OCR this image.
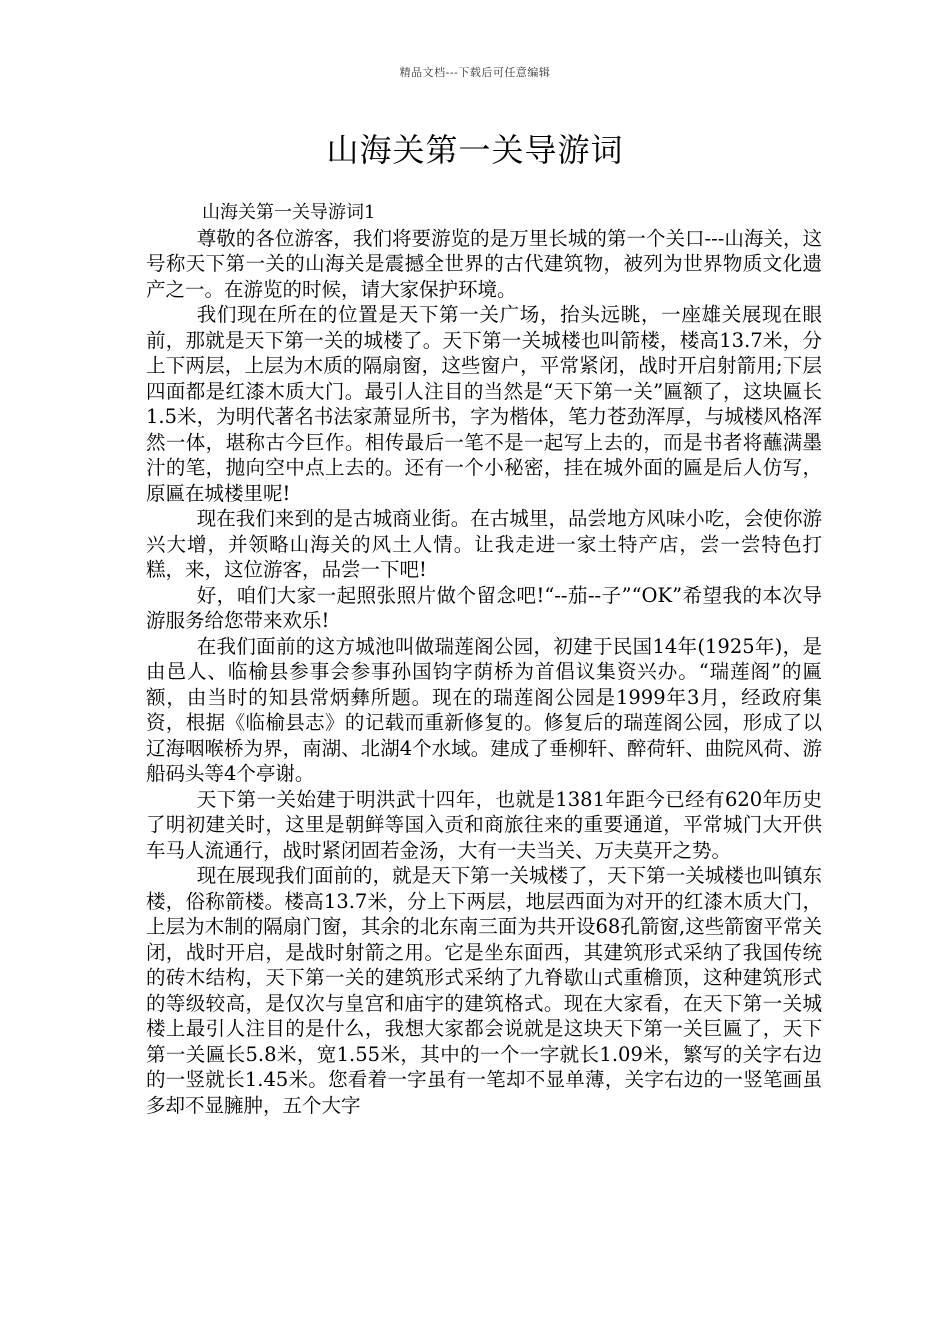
精品文档---下载后可任意编辑
山海关第一关导游词

山海关第一关导游词1

尊敬的各位游客，我们将要游览的是万里长城的第一个关口---山海关，这号称天下第一关的山海关是震撼全世界的古代建筑物，被列为世界物质文化遗产之一。在游览的时候，请大家保护环境。

我们现在所在的位置是天下第一关广场，抬头远眺，一座雄关展现在眼前，那就是天下第一关的城楼了。天下第一关城楼也叫箭楼，楼高13.7米，分上下两层，上层为木质的隔扇窗，这些窗户，平常紧闭，战时开启射箭用;下层四面都是红漆木质大门。最引人注目的当然是“天下第一关”匾额了，这块匾长1.5米，为明代著名书法家萧显所书，字为楷体，笔力苍劲浑厚，与城楼风格浑然一体，堪称古今巨作。相传最后一笔不是一起写上去的，而是书者将蘸满墨汁的笔，抛向空中点上去的。还有一个小秘密，挂在城外面的匾是后人仿写，原匾在城楼里呢!

现在我们来到的是古城商业街。在古城里，品尝地方风味小吃，会使你游兴大增，并领略山海关的风土人情。让我走进一家土特产店，尝一尝特色打糕，来，这位游客，品尝一下吧!

好，咱们大家一起照张照片做个留念吧!“--茄--子”“OK”希望我的本次导游服务给您带来欢乐!

在我们面前的这方城池叫做瑞莲阁公园，初建于民国14年(1925年)，是由邑人、临榆县参事会参事孙国钧字荫桥为首倡议集资兴办。“瑞莲阁”的匾额，由当时的知县常炳彝所题。现在的瑞莲阁公园是1999年3月，经政府集资，根据《临榆县志》的记载而重新修复的。修复后的瑞莲阁公园，形成了以辽海咽喉桥为界，南湖、北湖4个水域。建成了垂柳轩、醉荷轩、曲院风荷、游船码头等4个亭谢。

天下第一关始建于明洪武十四年，也就是1381年距今已经有620年历史了明初建关时，这里是朝鲜等国入贡和商旅往来的重要通道，平常城门大开供车马人流通行，战时紧闭固若金汤，大有一夫当关、万夫莫开之势。

现在展现我们面前的，就是天下第一关城楼了，天下第一关城楼也叫镇东楼，俗称箭楼。楼高13.7米，分上下两层，地层西面为对开的红漆木质大门，上层为木制的隔扇门窗，其余的北东南三面为共开设68孔箭窗,这些箭窗平常关闭，战时开启，是战时射箭之用。它是坐东面西，其建筑形式采纳了我国传统的砖木结构，天下第一关的建筑形式采纳了九脊歇山式重檐顶，这种建筑形式的等级较高，是仅次与皇宫和庙宇的建筑格式。现在大家看，在天下第一关城楼上最引人注目的是什么，我想大家都会说就是这块天下第一关巨匾了，天下第一关匾长5.8米，宽1.55米，其中的一个一字就长1.09米，繁写的关字右边的一竖就长1.45米。您看着一字虽有一笔却不显单薄，关字右边的一竖笔画虽多却不显臃肿，五个大字
